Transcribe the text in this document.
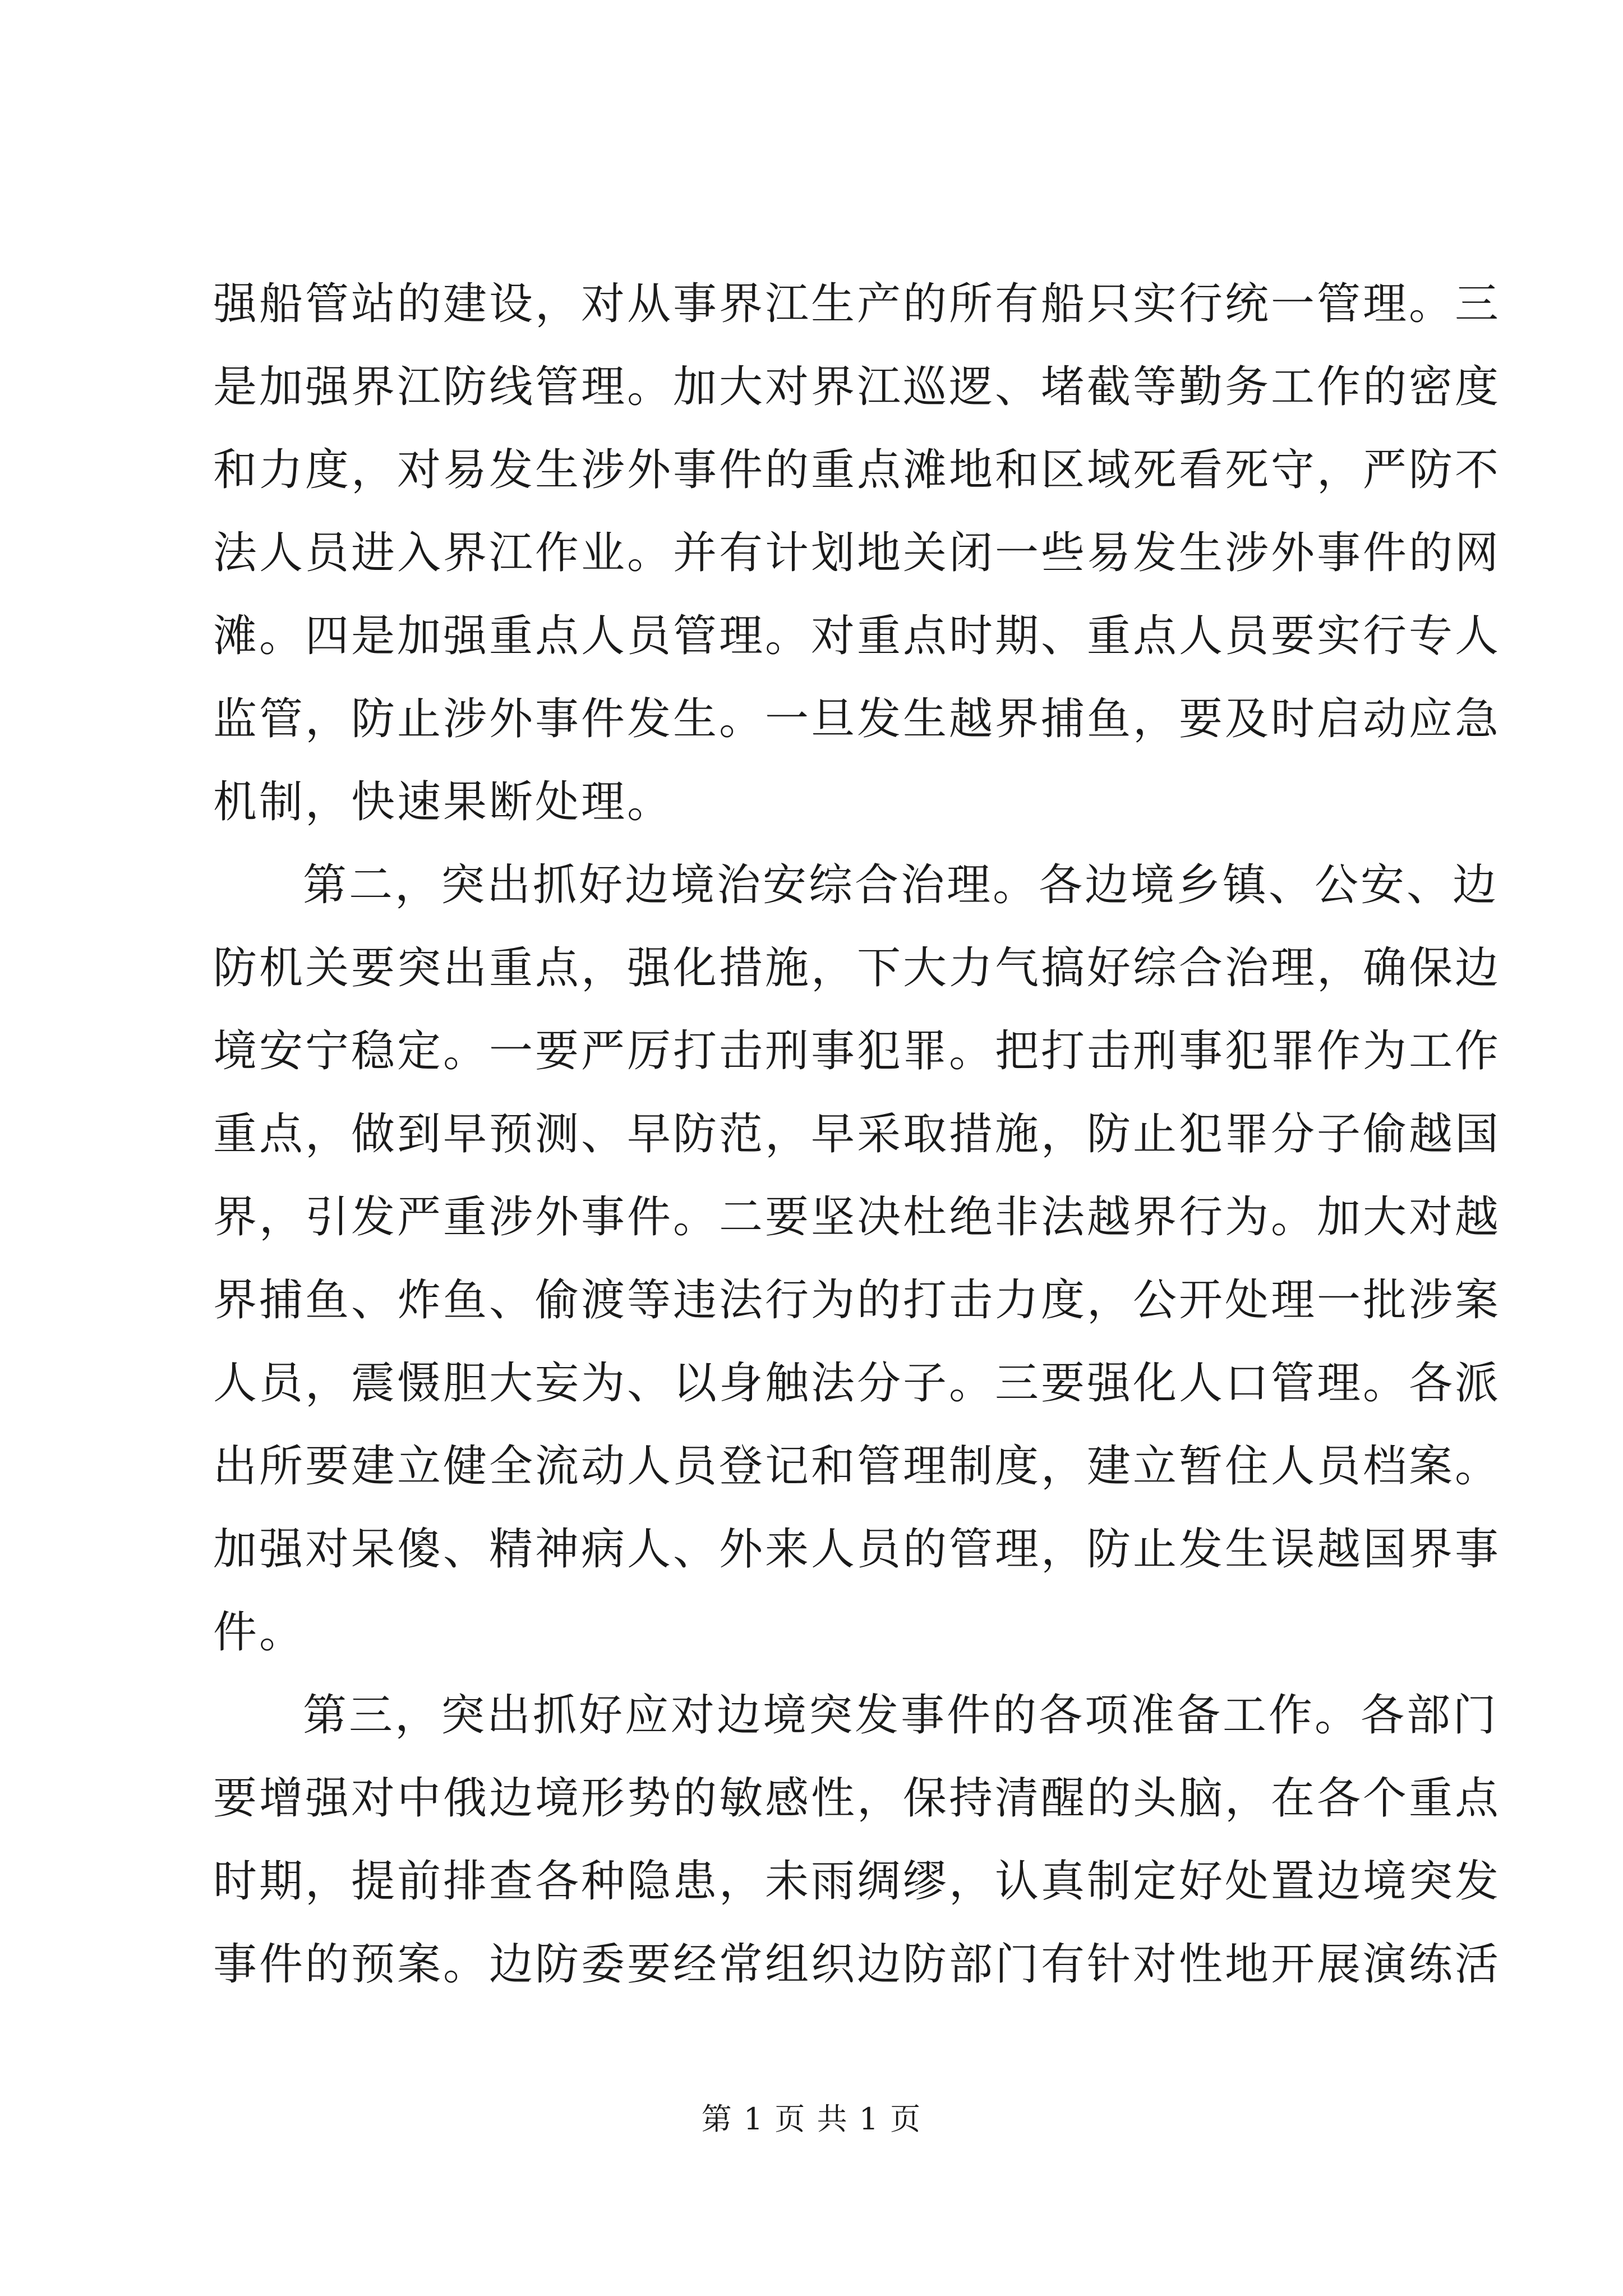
强船管站的建设，对从事界江生产的所有船只实行统一管理。三
是加强界江防线管理。加大对界江巡逻、堵截等勤务工作的密度
和力度，对易发生涉外事件的重点滩地和区域死看死守，严防不
法人员进入界江作业。并有计划地关闭一些易发生涉外事件的网
滩。四是加强重点人员管理。对重点时期、重点人员要实行专人
监管，防止涉外事件发生。一旦发生越界捕鱼，要及时启动应急
机制，快速果断处理。
第二，突出抓好边境治安综合治理。各边境乡镇、公安、边
防机关要突出重点，强化措施，下大力气搞好综合治理，确保边
境安宁稳定。一要严厉打击刑事犯罪。把打击刑事犯罪作为工作
重点，做到早预测、早防范，早采取措施，防止犯罪分子偷越国
界，引发严重涉外事件。二要坚决杜绝非法越界行为。加大对越
界捕鱼、炸鱼、偷渡等违法行为的打击力度，公开处理一批涉案
人员，震慑胆大妄为、以身触法分子。三要强化人口管理。各派
出所要建立健全流动人员登记和管理制度，建立暂住人员档案。
加强对呆傻、精神病人、外来人员的管理，防止发生误越国界事
件。
第三，突出抓好应对边境突发事件的各项准备工作。各部门
要增强对中俄边境形势的敏感性，保持清醒的头脑，在各个重点
时期，提前排查各种隐患，未雨绸缪，认真制定好处置边境突发
事件的预案。边防委要经常组织边防部门有针对性地开展演练活
第 1 页 共 1 页
